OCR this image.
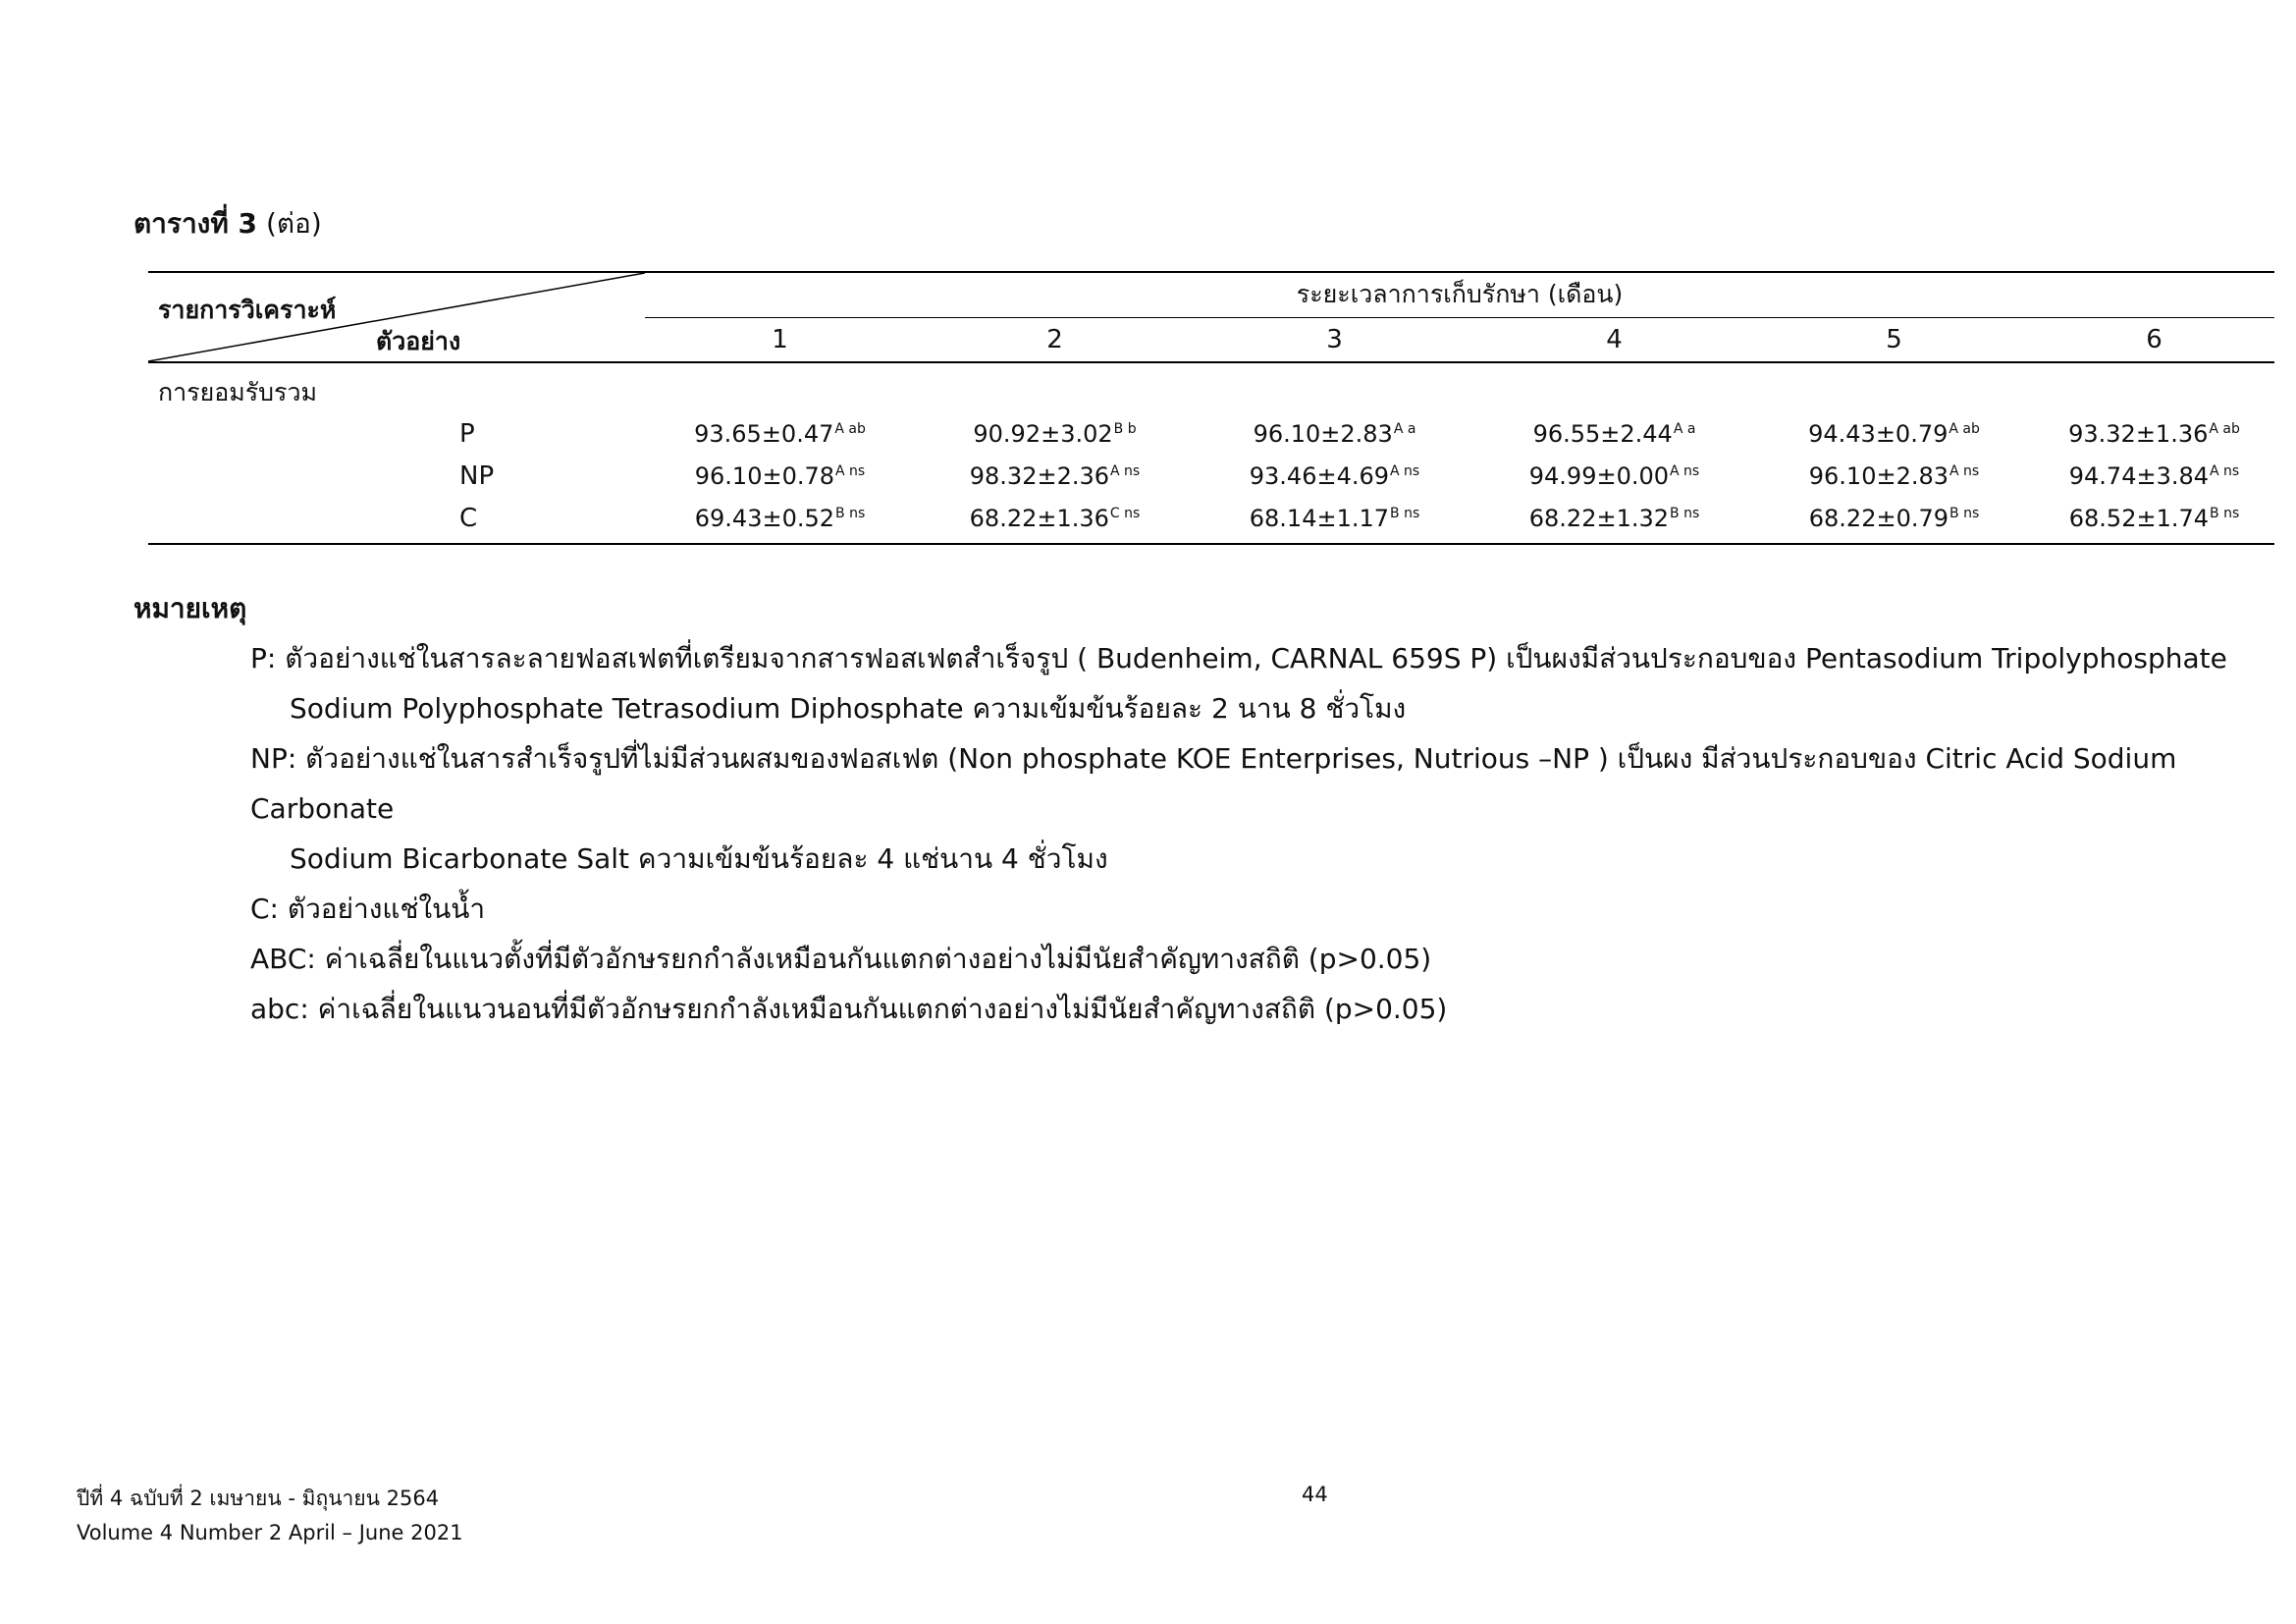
ตารางที่ 3 (ต่อ)
รายการวิเคราะห์
ตัวอย่าง	ระยะเวลาการเก็บรักษา (เดือน)					
	1	2	3	4	5	6
การยอมรับรวม						
P	$93.65\pm 0.47^{A ab}$	$90.92\pm 3.02^{B b}$	$96.10\pm 2.83^{A a}$	$96.55\pm 2.44^{A a}$	$94.43\pm 0.79^{A ab}$	$93.32\pm 1.36^{A ab}$
NP	$96.10\pm 0.78^{A ns}$	$98.32\pm 2.36^{A ns}$	$93.46\pm 4.69^{A ns}$	$94.99\pm 0.00^{A ns}$	$96.10\pm 2.83^{A ns}$	$94.74\pm 3.84^{A ns}$
C	$69.43\pm 0.52^{B ns}$	$68.22\pm 1.36^{C ns}$	$68.14\pm 1.17^{B ns}$	$68.22\pm 1.32^{B ns}$	$68.22\pm 0.79^{B ns}$	$68.52\pm 1.74^{B ns}$
หมายเหตุ

P: ตัวอย่างแช่ในสารละลายฟอสเฟตที่เตรียมจากสารฟอสเฟตสำเร็จรูป ( Budenheim, CARNAL 659S P) เป็นผงมีส่วนประกอบของ Pentasodium Tripolyphosphate

Sodium Polyphosphate Tetrasodium Diphosphate ความเข้มข้นร้อยละ 2 นาน 8 ชั่วโมง

NP: ตัวอย่างแช่ในสารสำเร็จรูปที่ไม่มีส่วนผสมของฟอสเฟต (Non phosphate KOE Enterprises, Nutrious –NP ) เป็นผง มีส่วนประกอบของ Citric Acid Sodium Carbonate

Sodium Bicarbonate Salt ความเข้มข้นร้อยละ 4 แช่นาน 4 ชั่วโมง

C: ตัวอย่างแช่ในน้ำ

ABC: ค่าเฉลี่ยในแนวตั้งที่มีตัวอักษรยกกำลังเหมือนกันแตกต่างอย่างไม่มีนัยสำคัญทางสถิติ (p>0.05)

abc: ค่าเฉลี่ยในแนวนอนที่มีตัวอักษรยกกำลังเหมือนกันแตกต่างอย่างไม่มีนัยสำคัญทางสถิติ (p>0.05)

ปีที่ 4 ฉบับที่ 2 เมษายน - มิถุนายน 2564
Volume 4 Number 2 April – June 2021
44
